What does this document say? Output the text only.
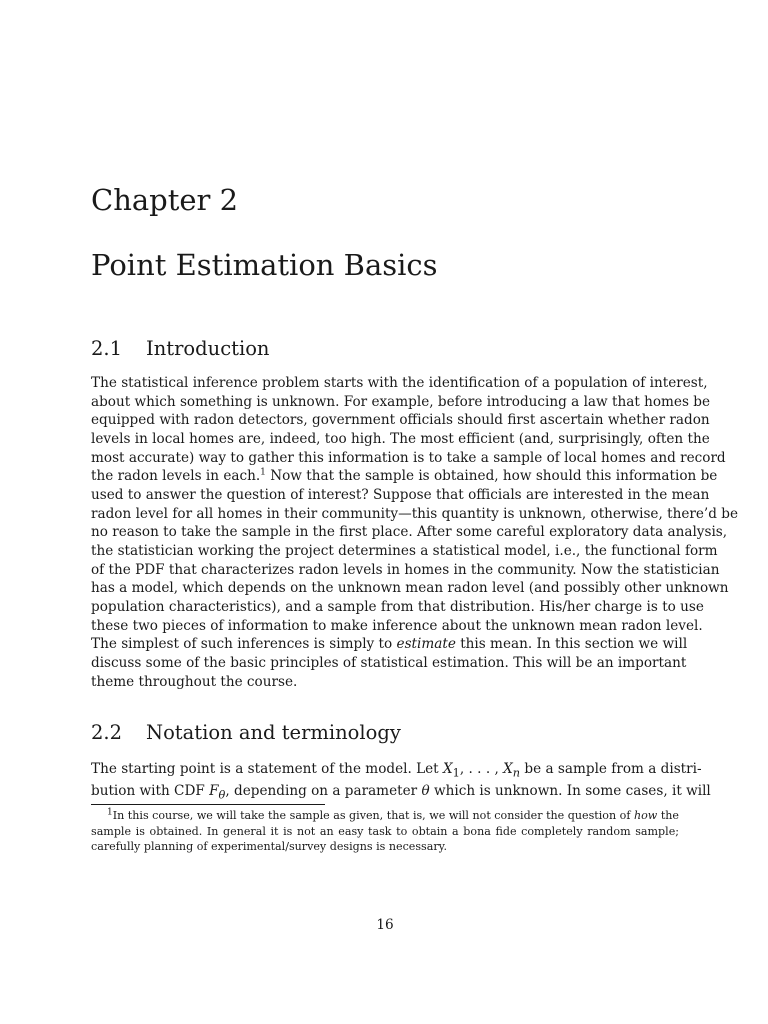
Chapter 2
Point Estimation Basics
2.1 Introduction
The statistical inference problem starts with the identification of a population of interest,
about which something is unknown. For example, before introducing a law that homes be
equipped with radon detectors, government officials should first ascertain whether radon
levels in local homes are, indeed, too high. The most efficient (and, surprisingly, often the
most accurate) way to gather this information is to take a sample of local homes and record
the radon levels in each.$^1$ Now that the sample is obtained, how should this information be
used to answer the question of interest? Suppose that officials are interested in the mean
radon level for all homes in their community—this quantity is unknown, otherwise, there’d be
no reason to take the sample in the first place. After some careful exploratory data analysis,
the statistician working the project determines a statistical model, i.e., the functional form
of the PDF that characterizes radon levels in homes in the community. Now the statistician
has a model, which depends on the unknown mean radon level (and possibly other unknown
population characteristics), and a sample from that distribution. His/her charge is to use
these two pieces of information to make inference about the unknown mean radon level.
The simplest of such inferences is simply to estimate this mean. In this section we will
discuss some of the basic principles of statistical estimation. This will be an important
theme throughout the course.
2.2 Notation and terminology
The starting point is a statement of the model. Let $X_1$, . . . , $X_n$ be a sample from a distri-
bution with CDF $F_\theta$, depending on a parameter θ which is unknown. In some cases, it will
$^1$In this course, we will take the sample as given, that is, we will not consider the question of how the
sample is obtained. In general it is not an easy task to obtain a bona fide completely random sample;
carefully planning of experimental/survey designs is necessary.
16
